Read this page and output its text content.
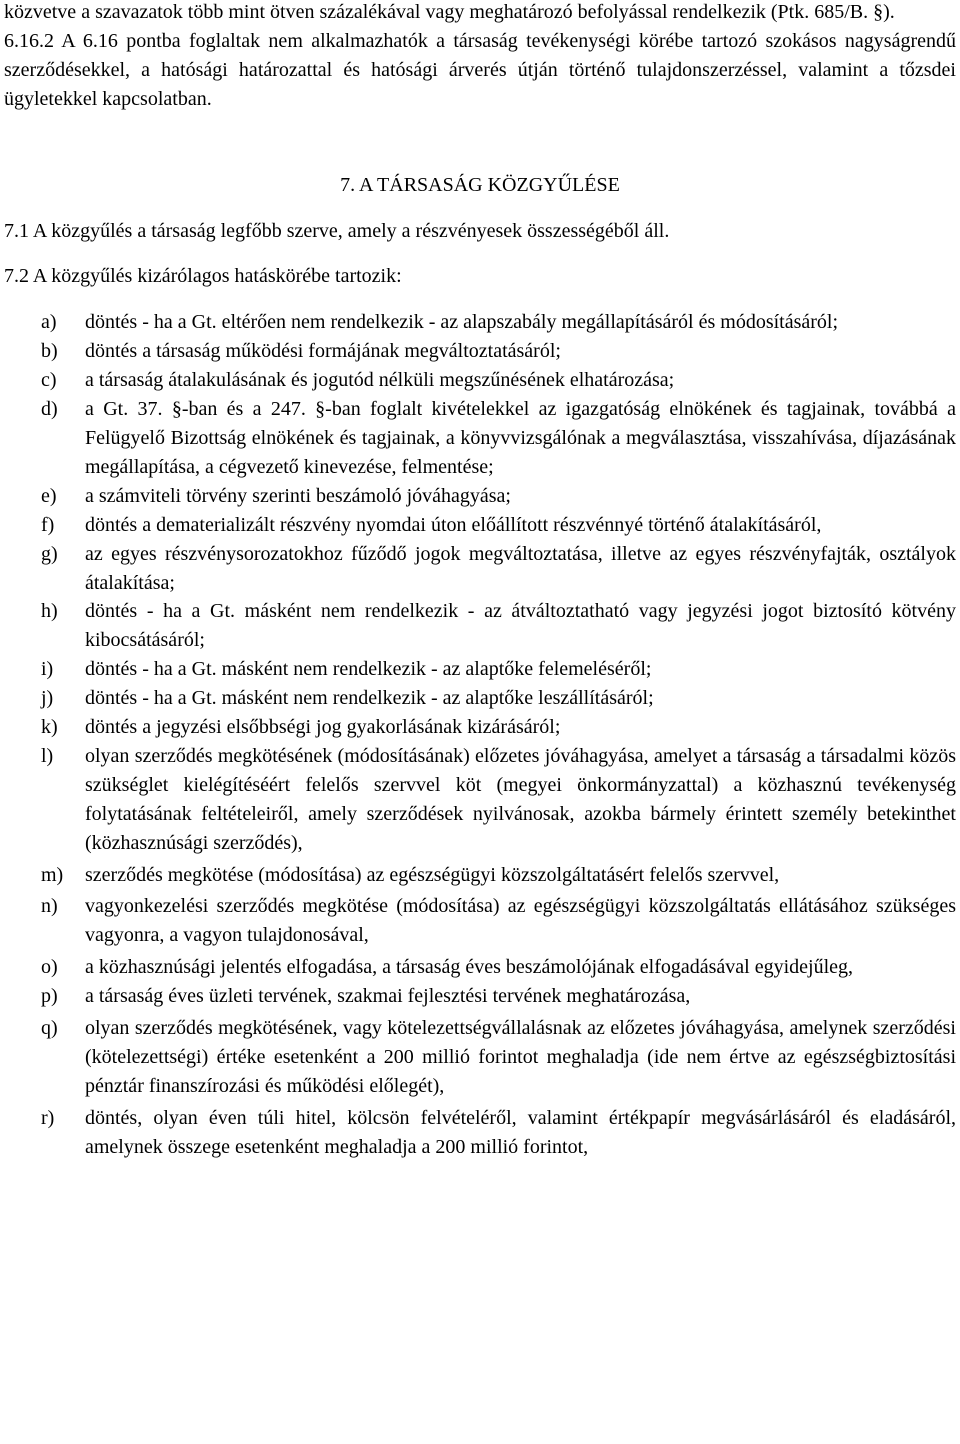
közvetve a szavazatok több mint ötven százalékával vagy meghatározó befolyással rendelkezik (Ptk. 685/B. §).

6.16.2 A 6.16 pontba foglaltak nem alkalmazhatók a társaság tevékenységi körébe tartozó szokásos nagyságrendű szerződésekkel, a hatósági határozattal és hatósági árverés útján történő tulajdonszerzéssel, valamint a tőzsdei ügyletekkel kapcsolatban.

7. A TÁRSASÁG KÖZGYŰLÉSE

7.1 A közgyűlés a társaság legfőbb szerve, amely a részvényesek összességéből áll.

7.2 A közgyűlés kizárólagos hatáskörébe tartozik:

a) döntés - ha a Gt. eltérően nem rendelkezik - az alapszabály megállapításáról és módosításáról;
b) döntés a társaság működési formájának megváltoztatásáról;
c) a társaság átalakulásának és jogutód nélküli megszűnésének elhatározása;
d) a Gt. 37. §-ban és a 247. §-ban foglalt kivételekkel az igazgatóság elnökének és tagjainak, továbbá a Felügyelő Bizottság elnökének és tagjainak, a könyvvizsgálónak a megválasztása, visszahívása, díjazásának megállapítása, a cégvezető kinevezése, felmentése;
e) a számviteli törvény szerinti beszámoló jóváhagyása;
f) döntés a dematerializált részvény nyomdai úton előállított részvénnyé történő átalakításáról,
g) az egyes részvénysorozatokhoz fűződő jogok megváltoztatása, illetve az egyes részvényfajták, osztályok átalakítása;
h) döntés - ha a Gt. másként nem rendelkezik - az átváltoztatható vagy jegyzési jogot biztosító kötvény kibocsátásáról;
i) döntés - ha a Gt. másként nem rendelkezik - az alaptőke felemeléséről;
j) döntés - ha a Gt. másként nem rendelkezik - az alaptőke leszállításáról;
k) döntés a jegyzési elsőbbségi jog gyakorlásának kizárásáról;
l) olyan szerződés megkötésének (módosításának) előzetes jóváhagyása, amelyet a társaság a társadalmi közös szükséglet kielégítéséért felelős szervvel köt (megyei önkormányzattal) a közhasznú tevékenység folytatásának feltételeiről, amely szerződések nyilvánosak, azokba bármely érintett személy betekinthet (közhasznúsági szerződés),
m) szerződés megkötése (módosítása) az egészségügyi közszolgáltatásért felelős szervvel,
n) vagyonkezelési szerződés megkötése (módosítása) az egészségügyi közszolgáltatás ellátásához szükséges vagyonra, a vagyon tulajdonosával,
o) a közhasznúsági jelentés elfogadása, a társaság éves beszámolójának elfogadásával egyidejűleg,
p) a társaság éves üzleti tervének, szakmai fejlesztési tervének meghatározása,
q) olyan szerződés megkötésének, vagy kötelezettségvállalásnak az előzetes jóváhagyása, amelynek szerződési (kötelezettségi) értéke esetenként a 200 millió forintot meghaladja (ide nem értve az egészségbiztosítási pénztár finanszírozási és működési előlegét),
r) döntés, olyan éven túli hitel, kölcsön felvételéről, valamint értékpapír megvásárlásáról és eladásáról, amelynek összege esetenként meghaladja a 200 millió forintot,
